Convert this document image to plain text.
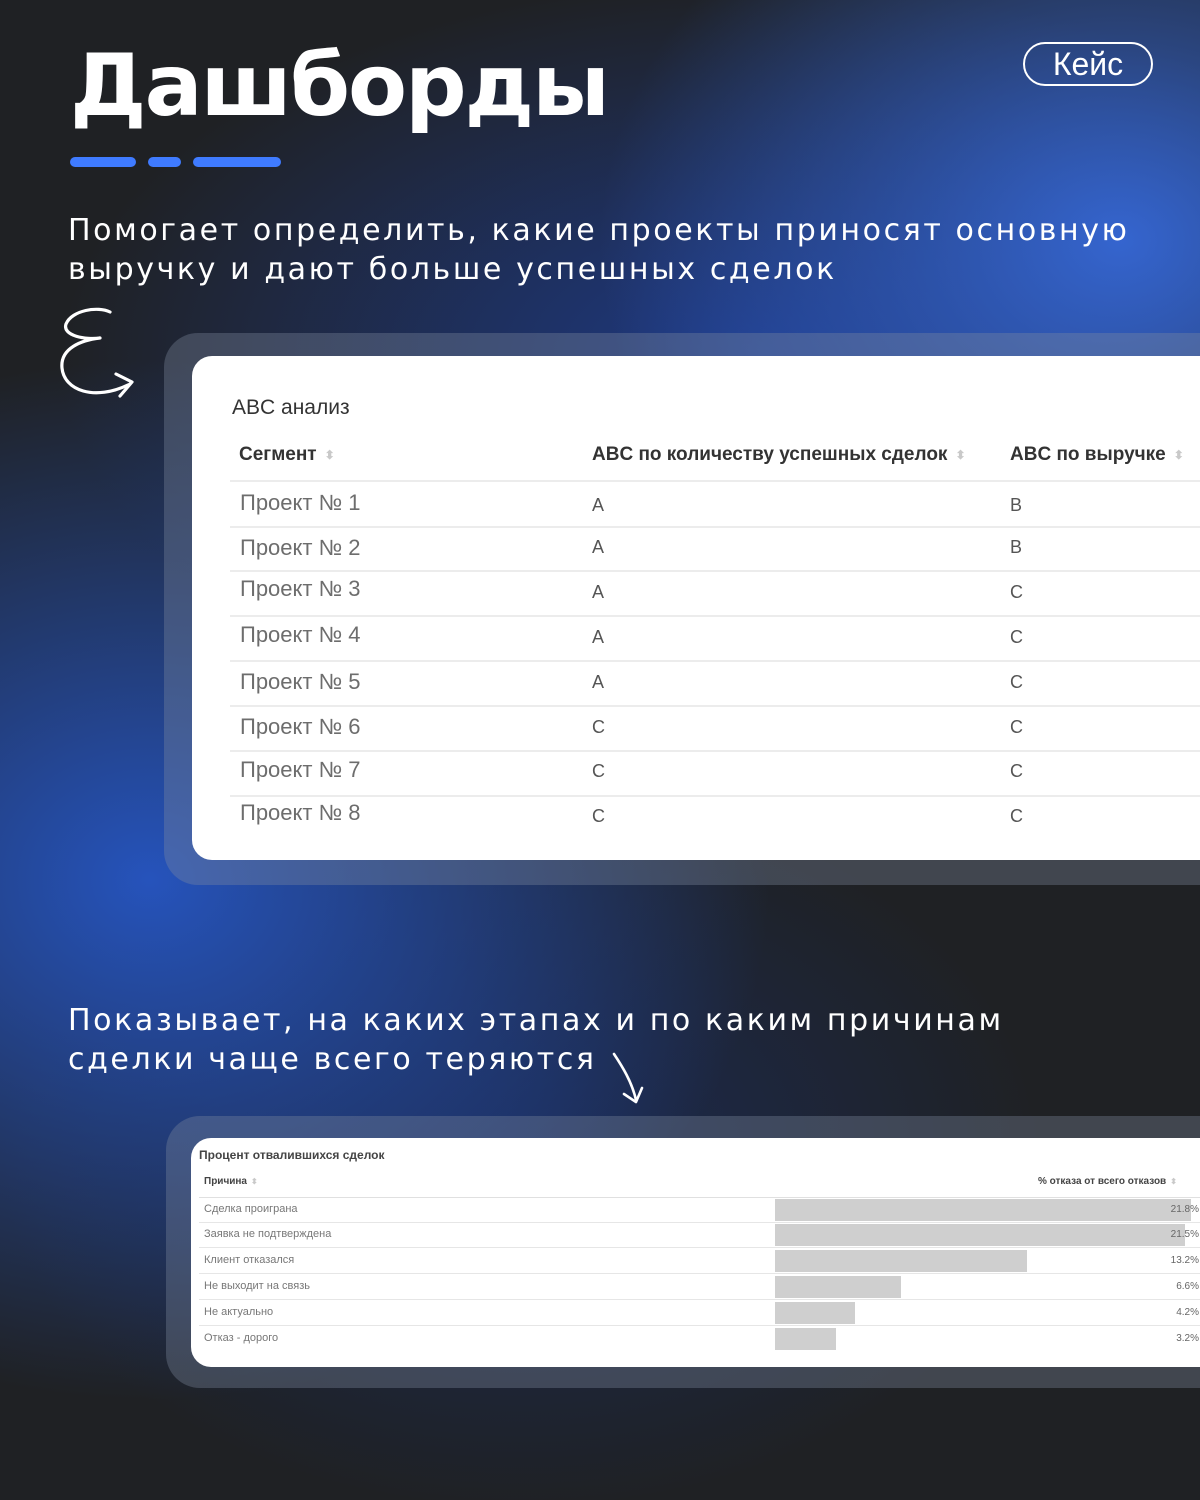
Дашборды	Кейс

Помогает определить, какие проекты приносят основную

выручку и дают больше успешных сделок

ABC анализ

Сегмент ⬍	ABC по количеству успешных сделок ⬍ ABC по выручке ⬍
Проект № 1	A	B
Проект № 2	A	B
Проект № 3	A	C
Проект № 4	A	C
Проект № 5	A	C
Проект № 6	C	C
Проект № 7	C	C
Проект № 8	C	C

Показывает, на каких этапах и по каким причинам

сделки чаще всего теряются

Процент отвалившихся сделок

Причина ⬍	% отказа от всего отказов ⬍
Сделка проиграна	21.8%
Заявка не подтверждена	21.5%
Клиент отказался	13.2%
Не выходит на связь	6.6%
Не актуально	4.2%
Отказ - дорого	3.2%
